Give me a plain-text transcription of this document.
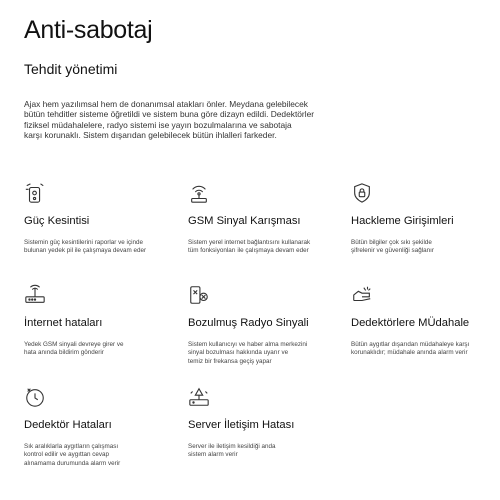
Anti-sabotaj
Tehdit yönetimi
Ajax hem yazılımsal hem de donanımsal atakları önler. Meydana gelebilecek
bütün tehditler sisteme öğretildi ve sistem buna göre dizayn edildi. Dedektörler
fiziksel müdahalelere, radyo sistemi ise yayın bozulmalarına ve sabotaja
karşı korunaklı. Sistem dışarıdan gelebilecek bütün ihlalleri farkeder.
Güç Kesintisi
Sistemin güç kesintilerini raporlar ve içinde
bulunan yedek pil ile çalışmaya devam eder
GSM Sinyal Karışması
Sistem yerel internet bağlantısını kullanarak
tüm fonksiyonları ile çalışmaya devam eder
Hackleme Girişimleri
Bütün bilgiler çok sıkı şekilde
şifrelenir ve güvenliği sağlanır
İnternet hataları
Yedek GSM sinyali devreye girer ve
hata anında bildirim gönderir
Bozulmuş Radyo Sinyali
Sistem kullanıcıyı ve haber alma merkezini
sinyal bozulması hakkında uyarır ve
temiz bir frekansa geçiş yapar
Dedektörlere MÜdahale
Bütün aygıtlar dışarıdan müdahaleye karşı
korunaklıdır; müdahale anında alarm verir
Dedektör Hataları
Sık aralıklarla aygıtların çalışması
kontrol edilir ve aygıttan cevap
alınamama durumunda alarm verir
Server İletişim Hatası
Server ile iletişim kesildiği anda
sistem alarm verir
